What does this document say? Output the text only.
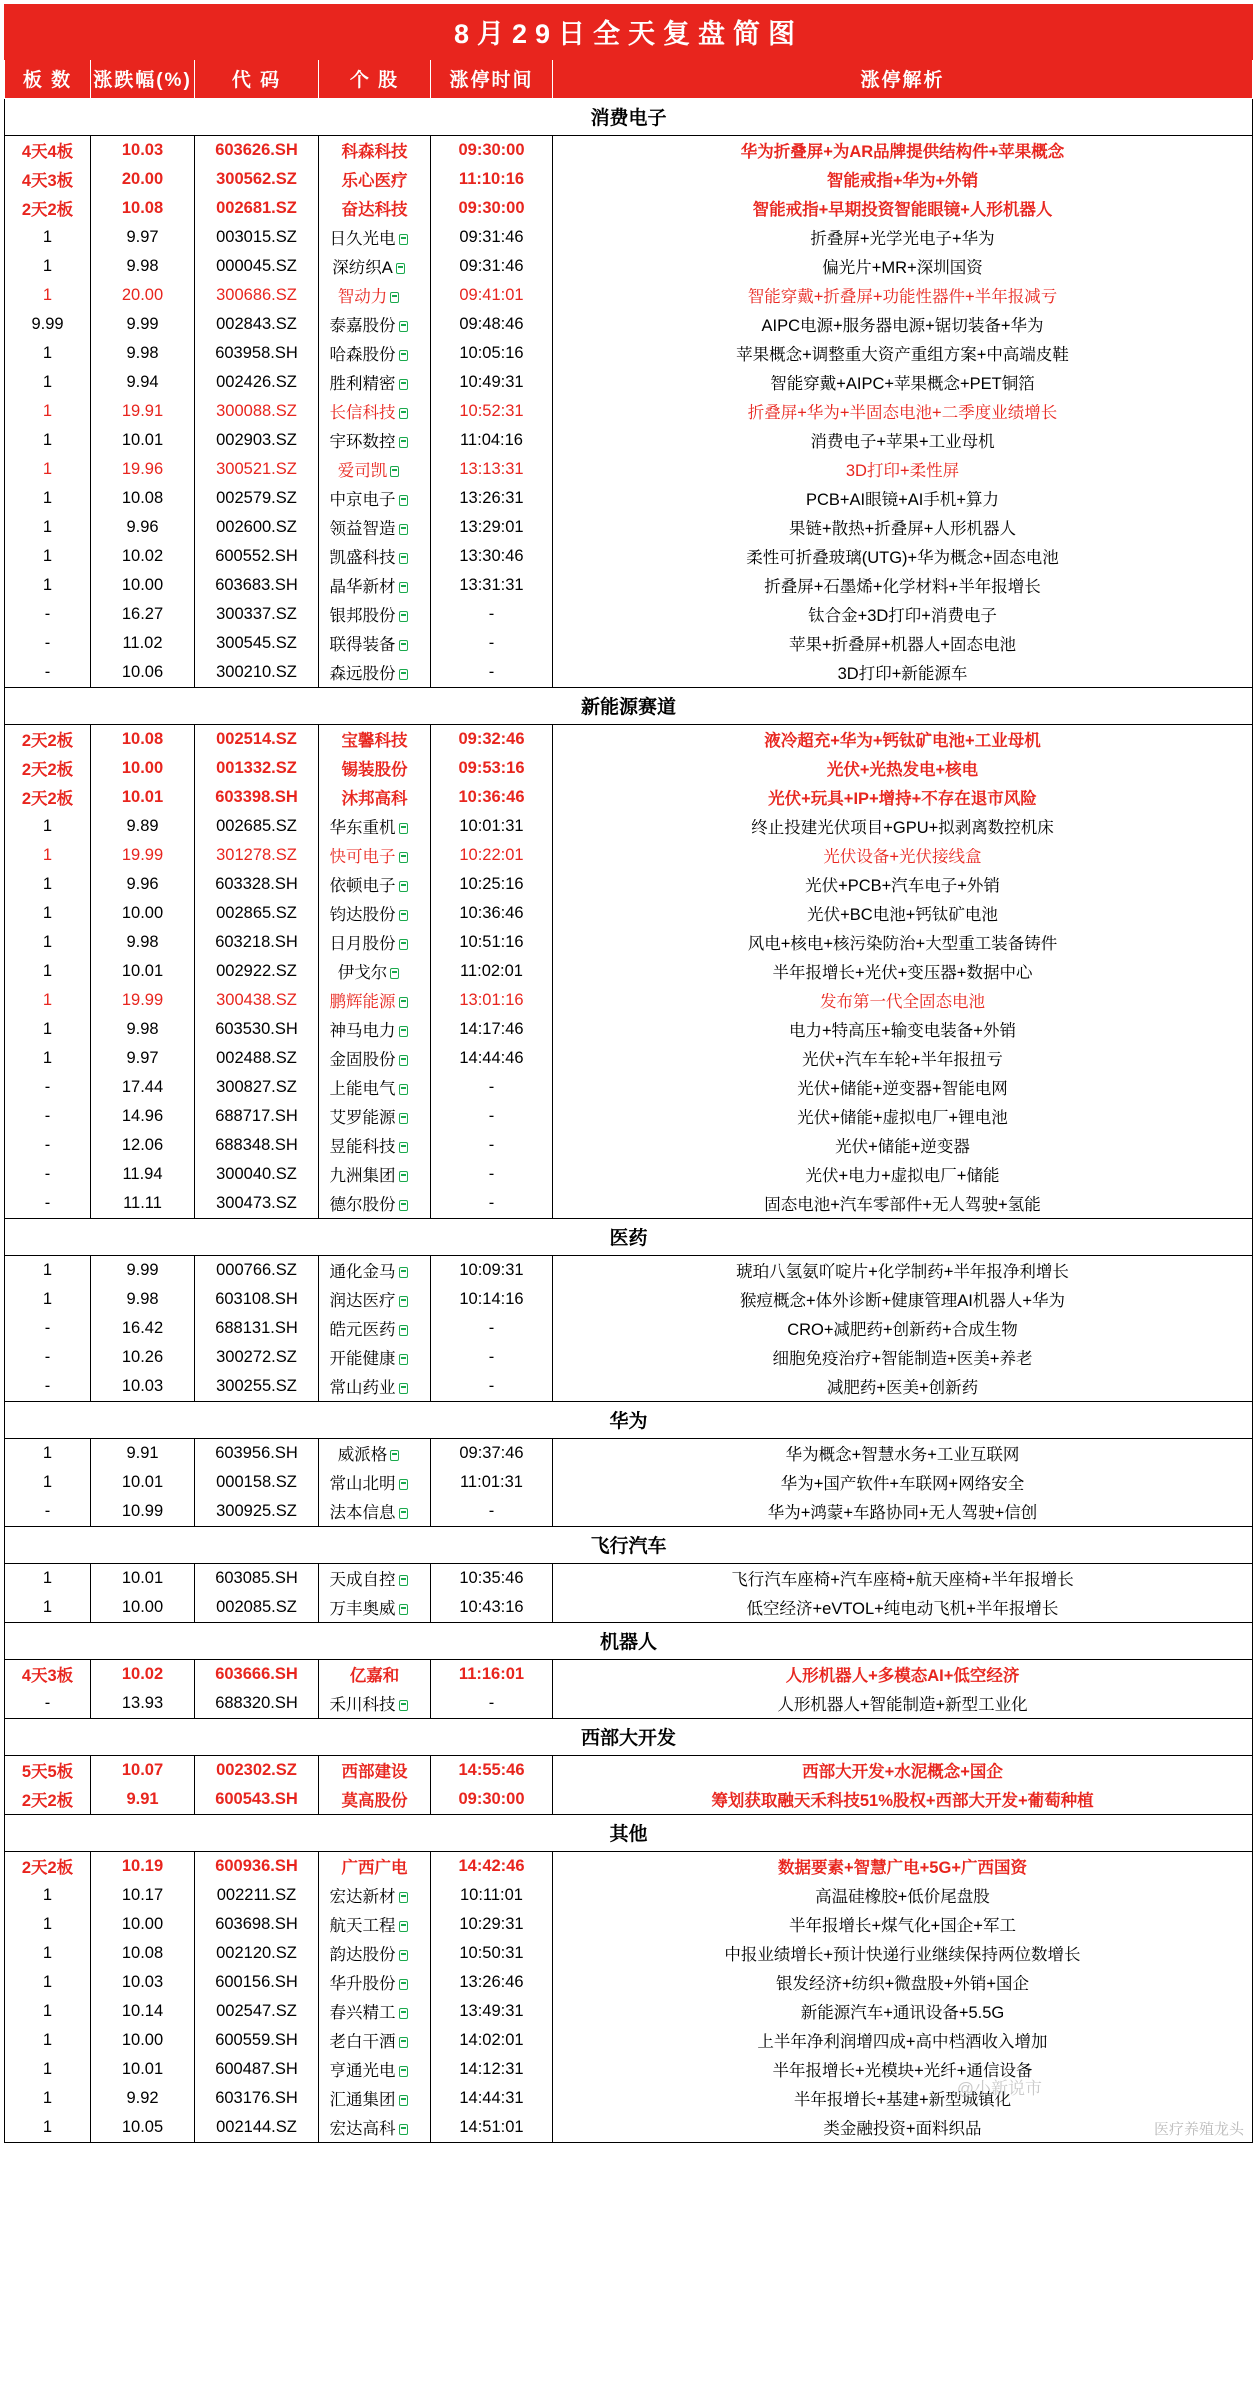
8月29日全天复盘简图					
板 数	涨跌幅(%)	代 码	个 股	涨停时间	涨停解析
消费电子					
4天4板	10.03	603626.SH	科森科技	09:30:00	华为折叠屏+为AR品牌提供结构件+苹果概念
4天3板	20.00	300562.SZ	乐心医疗	11:10:16	智能戒指+华为+外销
2天2板	10.08	002681.SZ	奋达科技	09:30:00	智能戒指+早期投资智能眼镜+人形机器人
1	9.97	003015.SZ	日久光电	09:31:46	折叠屏+光学光电子+华为
1	9.98	000045.SZ	深纺织A	09:31:46	偏光片+MR+深圳国资
1	20.00	300686.SZ	智动力	09:41:01	智能穿戴+折叠屏+功能性器件+半年报减亏
9.99	9.99	002843.SZ	泰嘉股份	09:48:46	AIPC电源+服务器电源+锯切装备+华为
1	9.98	603958.SH	哈森股份	10:05:16	苹果概念+调整重大资产重组方案+中高端皮鞋
1	9.94	002426.SZ	胜利精密	10:49:31	智能穿戴+AIPC+苹果概念+PET铜箔
1	19.91	300088.SZ	长信科技	10:52:31	折叠屏+华为+半固态电池+二季度业绩增长
1	10.01	002903.SZ	宇环数控	11:04:16	消费电子+苹果+工业母机
1	19.96	300521.SZ	爱司凯	13:13:31	3D打印+柔性屏
1	10.08	002579.SZ	中京电子	13:26:31	PCB+AI眼镜+AI手机+算力
1	9.96	002600.SZ	领益智造	13:29:01	果链+散热+折叠屏+人形机器人
1	10.02	600552.SH	凯盛科技	13:30:46	柔性可折叠玻璃(UTG)+华为概念+固态电池
1	10.00	603683.SH	晶华新材	13:31:31	折叠屏+石墨烯+化学材料+半年报增长
-	16.27	300337.SZ	银邦股份	-	钛合金+3D打印+消费电子
-	11.02	300545.SZ	联得装备	-	苹果+折叠屏+机器人+固态电池
-	10.06	300210.SZ	森远股份	-	3D打印+新能源车
新能源赛道					
2天2板	10.08	002514.SZ	宝馨科技	09:32:46	液冷超充+华为+钙钛矿电池+工业母机
2天2板	10.00	001332.SZ	锡装股份	09:53:16	光伏+光热发电+核电
2天2板	10.01	603398.SH	沐邦高科	10:36:46	光伏+玩具+IP+增持+不存在退市风险
1	9.89	002685.SZ	华东重机	10:01:31	终止投建光伏项目+GPU+拟剥离数控机床
1	19.99	301278.SZ	快可电子	10:22:01	光伏设备+光伏接线盒
1	9.96	603328.SH	依顿电子	10:25:16	光伏+PCB+汽车电子+外销
1	10.00	002865.SZ	钧达股份	10:36:46	光伏+BC电池+钙钛矿电池
1	9.98	603218.SH	日月股份	10:51:16	风电+核电+核污染防治+大型重工装备铸件
1	10.01	002922.SZ	伊戈尔	11:02:01	半年报增长+光伏+变压器+数据中心
1	19.99	300438.SZ	鹏辉能源	13:01:16	发布第一代全固态电池
1	9.98	603530.SH	神马电力	14:17:46	电力+特高压+输变电装备+外销
1	9.97	002488.SZ	金固股份	14:44:46	光伏+汽车车轮+半年报扭亏
-	17.44	300827.SZ	上能电气	-	光伏+储能+逆变器+智能电网
-	14.96	688717.SH	艾罗能源	-	光伏+储能+虚拟电厂+锂电池
-	12.06	688348.SH	昱能科技	-	光伏+储能+逆变器
-	11.94	300040.SZ	九洲集团	-	光伏+电力+虚拟电厂+储能
-	11.11	300473.SZ	德尔股份	-	固态电池+汽车零部件+无人驾驶+氢能
医药					
1	9.99	000766.SZ	通化金马	10:09:31	琥珀八氢氨吖啶片+化学制药+半年报净利增长
1	9.98	603108.SH	润达医疗	10:14:16	猴痘概念+体外诊断+健康管理AI机器人+华为
-	16.42	688131.SH	皓元医药	-	CRO+减肥药+创新药+合成生物
-	10.26	300272.SZ	开能健康	-	细胞免疫治疗+智能制造+医美+养老
-	10.03	300255.SZ	常山药业	-	减肥药+医美+创新药
华为					
1	9.91	603956.SH	威派格	09:37:46	华为概念+智慧水务+工业互联网
1	10.01	000158.SZ	常山北明	11:01:31	华为+国产软件+车联网+网络安全
-	10.99	300925.SZ	法本信息	-	华为+鸿蒙+车路协同+无人驾驶+信创
飞行汽车					
1	10.01	603085.SH	天成自控	10:35:46	飞行汽车座椅+汽车座椅+航天座椅+半年报增长
1	10.00	002085.SZ	万丰奥威	10:43:16	低空经济+eVTOL+纯电动飞机+半年报增长
机器人					
4天3板	10.02	603666.SH	亿嘉和	11:16:01	人形机器人+多模态AI+低空经济
-	13.93	688320.SH	禾川科技	-	人形机器人+智能制造+新型工业化
西部大开发					
5天5板	10.07	002302.SZ	西部建设	14:55:46	西部大开发+水泥概念+国企
2天2板	9.91	600543.SH	莫高股份	09:30:00	筹划获取融天禾科技51%股权+西部大开发+葡萄种植
其他					
2天2板	10.19	600936.SH	广西广电	14:42:46	数据要素+智慧广电+5G+广西国资
1	10.17	002211.SZ	宏达新材	10:11:01	高温硅橡胶+低价尾盘股
1	10.00	603698.SH	航天工程	10:29:31	半年报增长+煤气化+国企+军工
1	10.08	002120.SZ	韵达股份	10:50:31	中报业绩增长+预计快递行业继续保持两位数增长
1	10.03	600156.SH	华升股份	13:26:46	银发经济+纺织+微盘股+外销+国企
1	10.14	002547.SZ	春兴精工	13:49:31	新能源汽车+通讯设备+5.5G
1	10.00	600559.SH	老白干酒	14:02:01	上半年净利润增四成+高中档酒收入增加
1	10.01	600487.SH	亨通光电	14:12:31	半年报增长+光模块+光纤+通信设备
1	9.92	603176.SH	汇通集团	14:44:31	半年报增长+基建+新型城镇化
1	10.05	002144.SZ	宏达高科	14:51:01	类金融投资+面料织品	医疗养殖龙头
@小新说市
